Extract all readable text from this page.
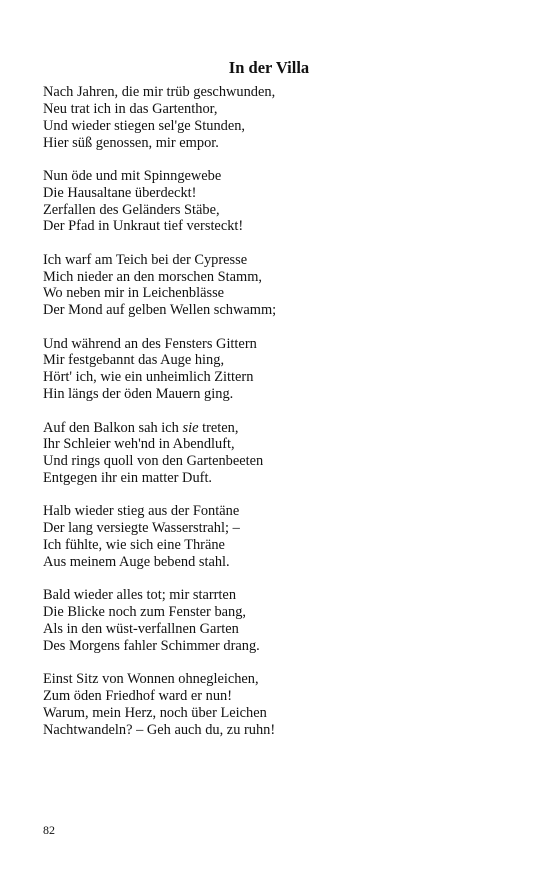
In der Villa
Nach Jahren, die mir trüb geschwunden,
Neu trat ich in das Gartenthor,
Und wieder stiegen sel'ge Stunden,
Hier süß genossen, mir empor.
Nun öde und mit Spinngewebe
Die Hausaltane überdeckt!
Zerfallen des Geländers Stäbe,
Der Pfad in Unkraut tief versteckt!
Ich warf am Teich bei der Cypresse
Mich nieder an den morschen Stamm,
Wo neben mir in Leichenblässe
Der Mond auf gelben Wellen schwamm;
Und während an des Fensters Gittern
Mir festgebannt das Auge hing,
Hört' ich, wie ein unheimlich Zittern
Hin längs der öden Mauern ging.
Auf den Balkon sah ich sie treten,
Ihr Schleier weh'nd in Abendluft,
Und rings quoll von den Gartenbeeten
Entgegen ihr ein matter Duft.
Halb wieder stieg aus der Fontäne
Der lang versiegte Wasserstrahl; –
Ich fühlte, wie sich eine Thräne
Aus meinem Auge bebend stahl.
Bald wieder alles tot; mir starrten
Die Blicke noch zum Fenster bang,
Als in den wüst-verfallnen Garten
Des Morgens fahler Schimmer drang.
Einst Sitz von Wonnen ohnegleichen,
Zum öden Friedhof ward er nun!
Warum, mein Herz, noch über Leichen
Nachtwandeln? – Geh auch du, zu ruhn!
82
